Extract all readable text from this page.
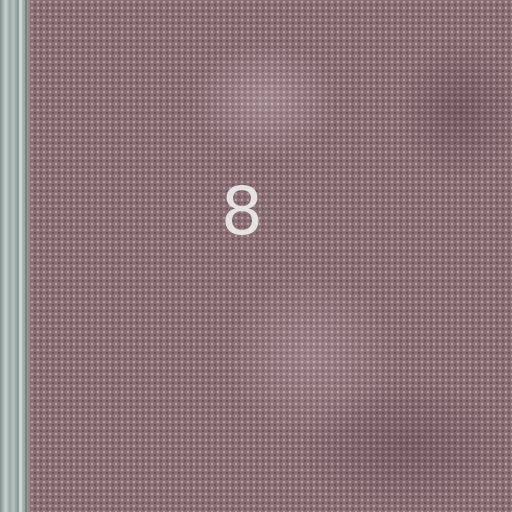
8
